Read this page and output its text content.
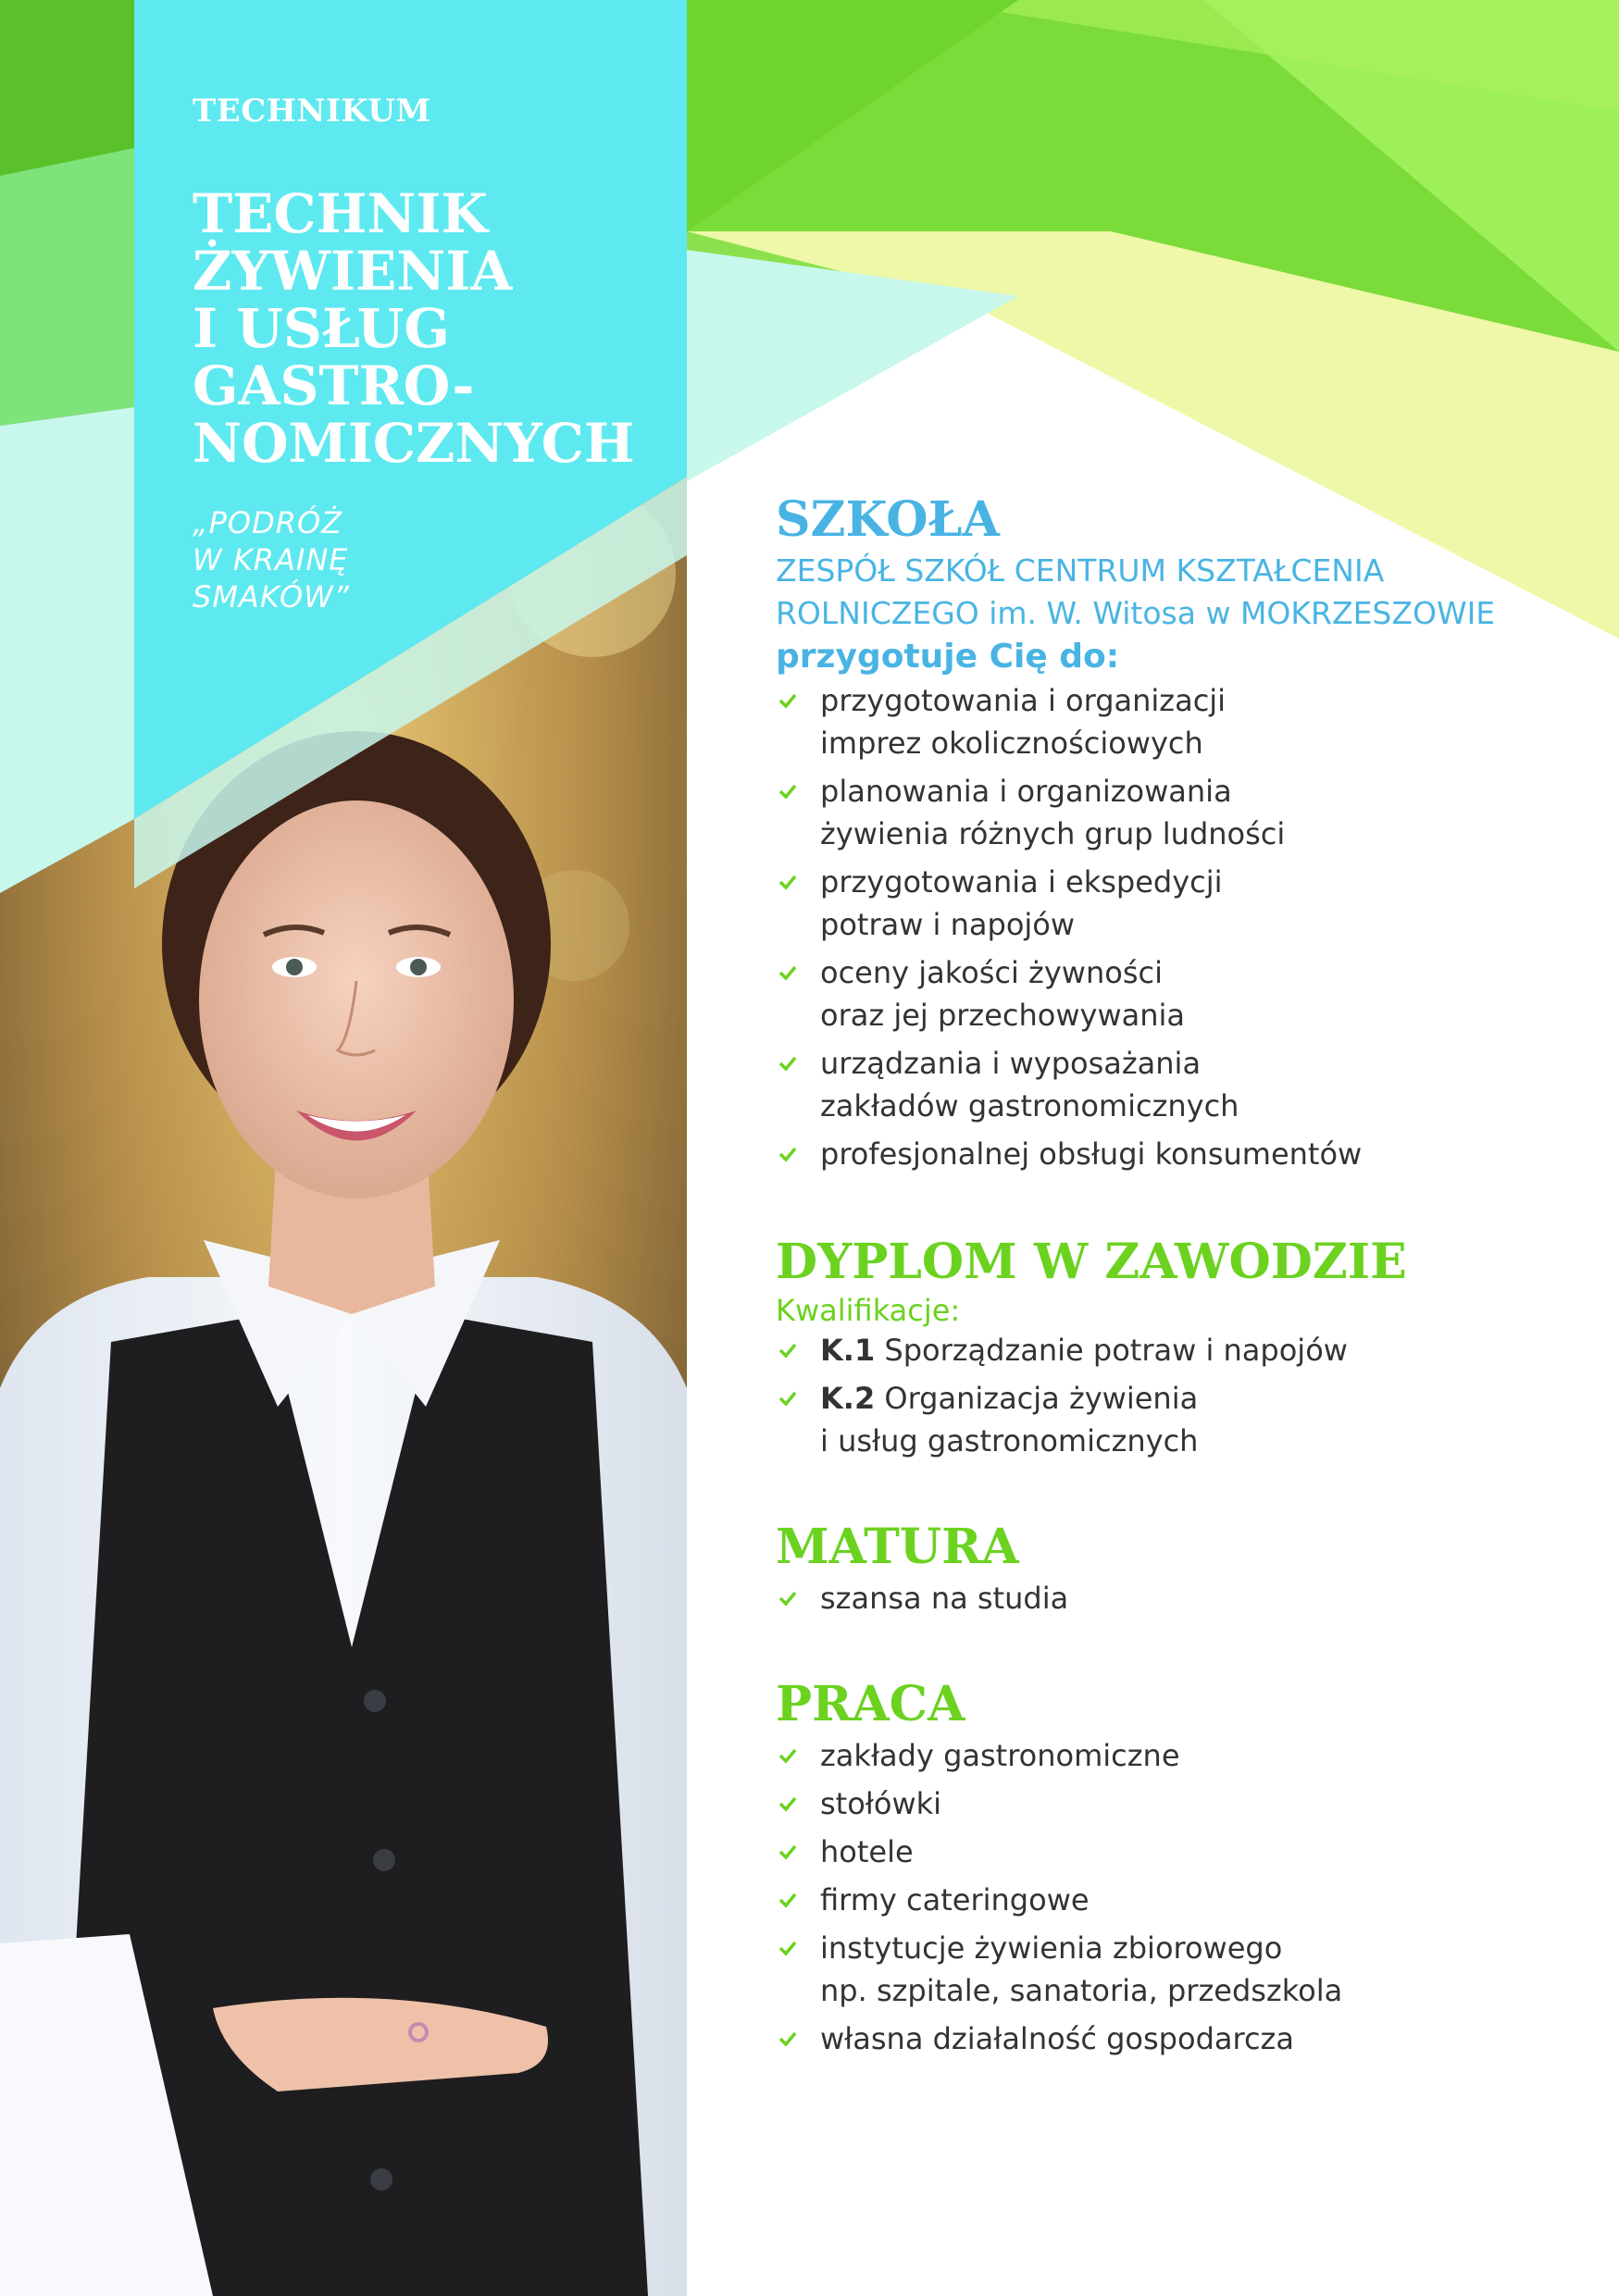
TECHNIKUM
TECHNIK
ŻYWIENIA
I USŁUG
GASTRO-
NOMICZNYCH
„PODRÓŻ
W KRAINĘ
SMAKÓW”
SZKOŁA
ZESPÓŁ SZKÓŁ CENTRUM KSZTAŁCENIA
ROLNICZEGO im. W. Witosa w MOKRZESZOWIE
przygotuje Cię do:
przygotowania i organizacji
imprez okolicznościowych
planowania i organizowania
żywienia różnych grup ludności
przygotowania i ekspedycji
potraw i napojów
oceny jakości żywności
oraz jej przechowywania
urządzania i wyposażania
zakładów gastronomicznych
profesjonalnej obsługi konsumentów
DYPLOM W ZAWODZIE
Kwalifikacje:
K.1 Sporządzanie potraw i napojów
K.2 Organizacja żywienia
i usług gastronomicznych
MATURA
szansa na studia
PRACA
zakłady gastronomiczne
stołówki
hotele
firmy cateringowe
instytucje żywienia zbiorowego
np. szpitale, sanatoria, przedszkola
własna działalność gospodarcza
